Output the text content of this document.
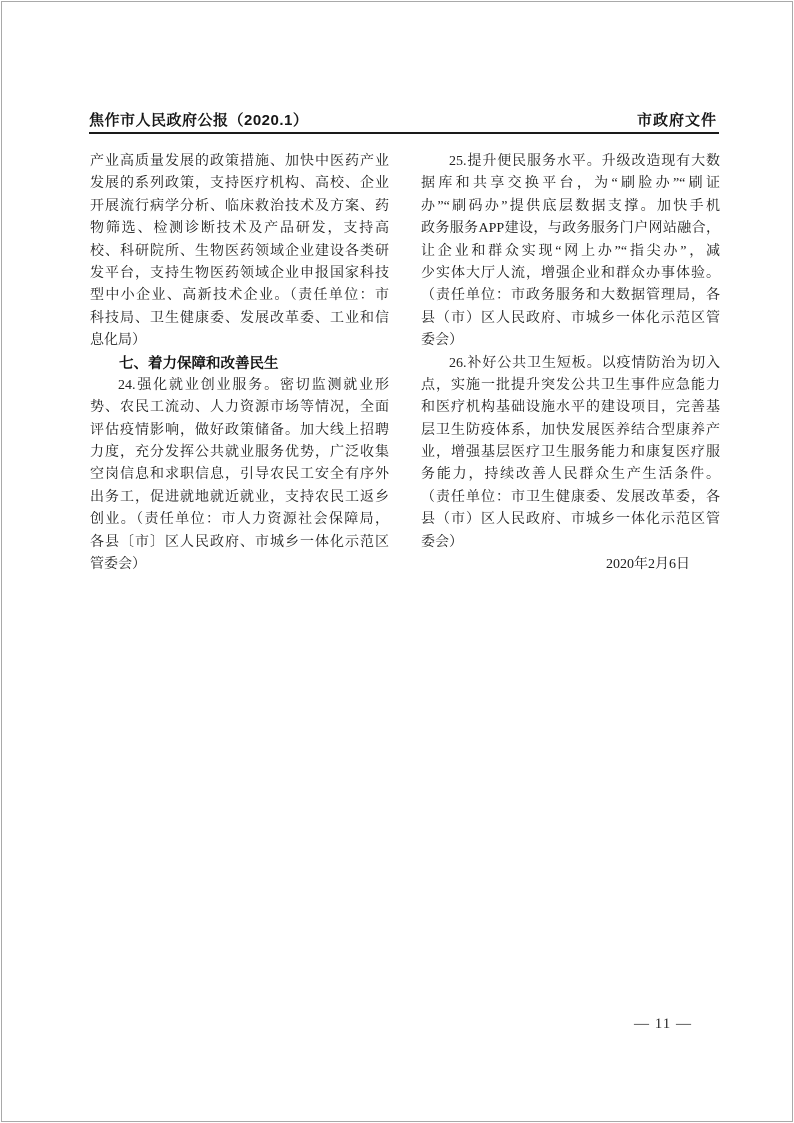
焦作市人民政府公报（2020.1）	市政府文件
产业高质量发展的政策措施、加快中医药产业
发展的系列政策，支持医疗机构、高校、企业
开展流行病学分析、临床救治技术及方案、药
物筛选、检测诊断技术及产品研发，支持高
校、科研院所、生物医药领域企业建设各类研
发平台，支持生物医药领域企业申报国家科技
型中小企业、高新技术企业。（责任单位：市
科技局、卫生健康委、发展改革委、工业和信
息化局）
七、着力保障和改善民生
24.强化就业创业服务。密切监测就业形
势、农民工流动、人力资源市场等情况，全面
评估疫情影响，做好政策储备。加大线上招聘
力度，充分发挥公共就业服务优势，广泛收集
空岗信息和求职信息，引导农民工安全有序外
出务工，促进就地就近就业，支持农民工返乡
创业。（责任单位：市人力资源社会保障局，
各县〔市〕区人民政府、市城乡一体化示范区
管委会）
25.提升便民服务水平。升级改造现有大数
据库和共享交换平台，为“刷脸办”“刷证
办”“刷码办”提供底层数据支撑。加快手机
政务服务APP建设，与政务服务门户网站融合，
让企业和群众实现“网上办”“指尖办”，减
少实体大厅人流，增强企业和群众办事体验。
（责任单位：市政务服务和大数据管理局，各
县（市）区人民政府、市城乡一体化示范区管
委会）
26.补好公共卫生短板。以疫情防治为切入
点，实施一批提升突发公共卫生事件应急能力
和医疗机构基础设施水平的建设项目，完善基
层卫生防疫体系，加快发展医养结合型康养产
业，增强基层医疗卫生服务能力和康复医疗服
务能力，持续改善人民群众生产生活条件。
（责任单位：市卫生健康委、发展改革委，各
县（市）区人民政府、市城乡一体化示范区管
委会）
2020年2月6日
— 11 —
